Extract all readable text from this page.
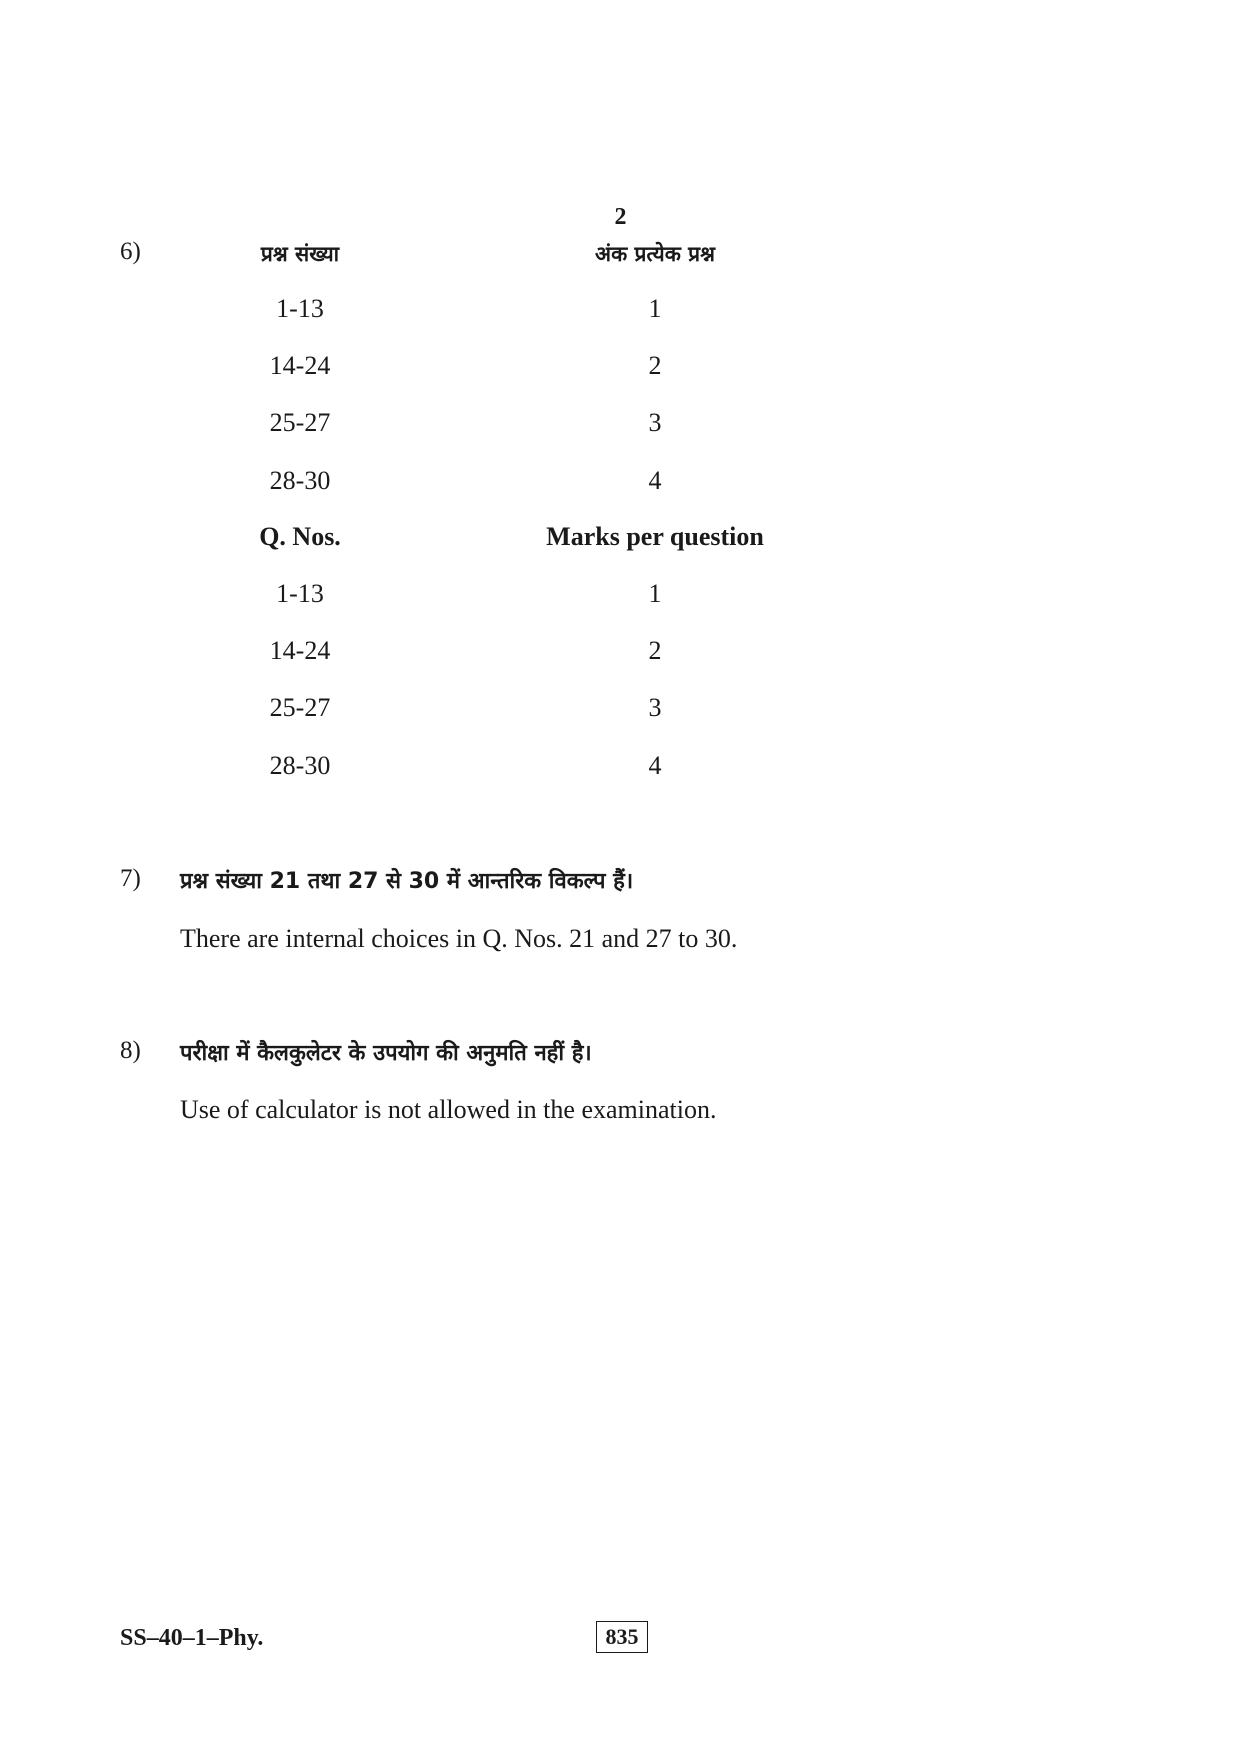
2
6)	प्रश्न संख्या	अंक प्रत्येक प्रश्न
1-13	1
14-24	2
25-27	3
28-30	4
Q. Nos.	Marks per question
1-13	1
14-24	2
25-27	3
28-30	4
7) प्रश्न संख्या 21 तथा 27 से 30 में आन्तरिक विकल्प हैं।
There are internal choices in Q. Nos. 21 and 27 to 30.
8) परीक्षा में कैलकुलेटर के उपयोग की अनुमति नहीं है।
Use of calculator is not allowed in the examination.
SS–40–1–Phy.	835
